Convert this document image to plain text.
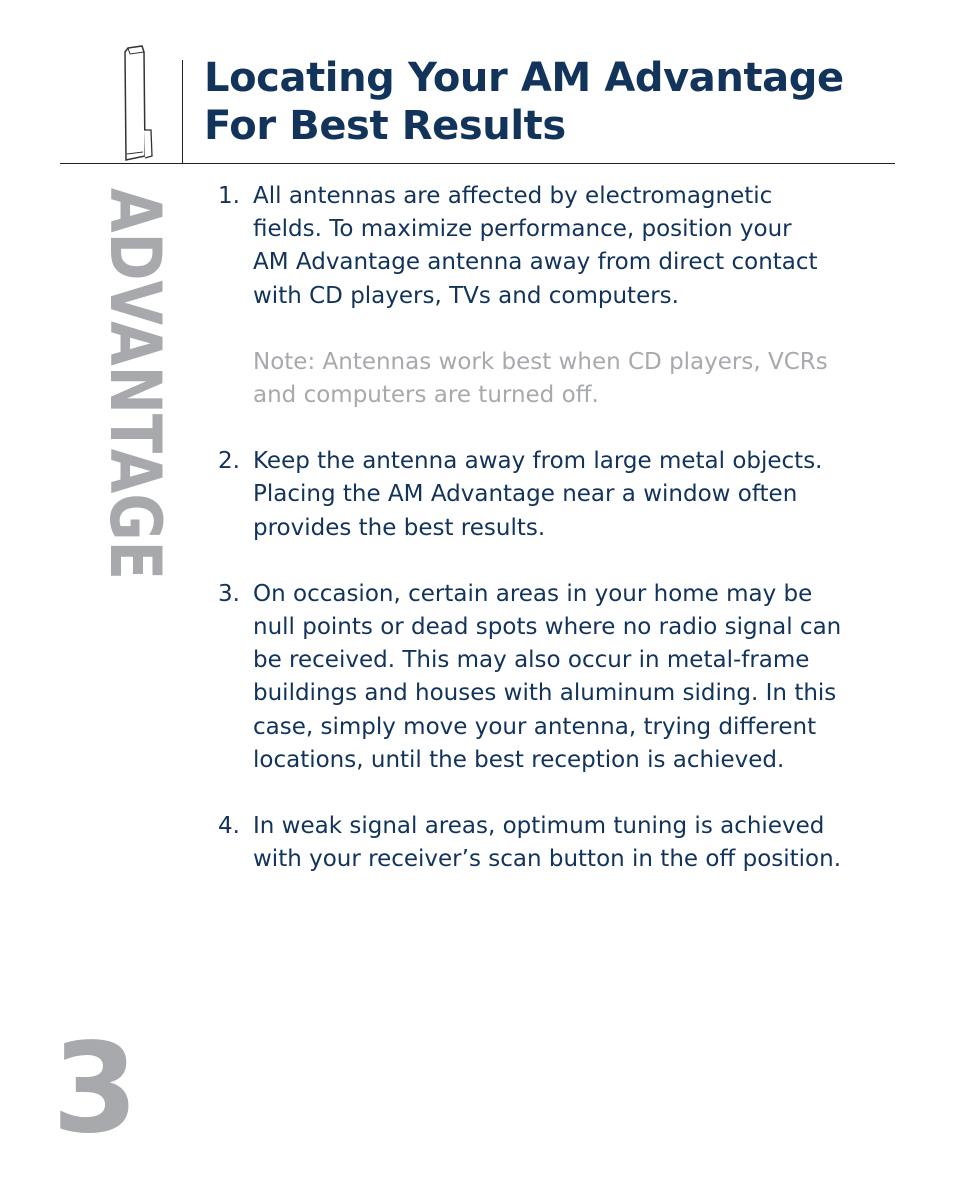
Locating Your AM Advantage
For Best Results
ADVANTAGE
3
1. All antennas are affected by electromagnetic
fields. To maximize performance, position your
AM Advantage antenna away from direct contact
with CD players, TVs and computers.
Note: Antennas work best when CD players, VCRs
and computers are turned off.
2. Keep the antenna away from large metal objects.
Placing the AM Advantage near a window often
provides the best results.
3. On occasion, certain areas in your home may be
null points or dead spots where no radio signal can
be received. This may also occur in metal-frame
buildings and houses with aluminum siding. In this
case, simply move your antenna, trying different
locations, until the best reception is achieved.
4. In weak signal areas, optimum tuning is achieved
with your receiver’s scan button in the off position.
